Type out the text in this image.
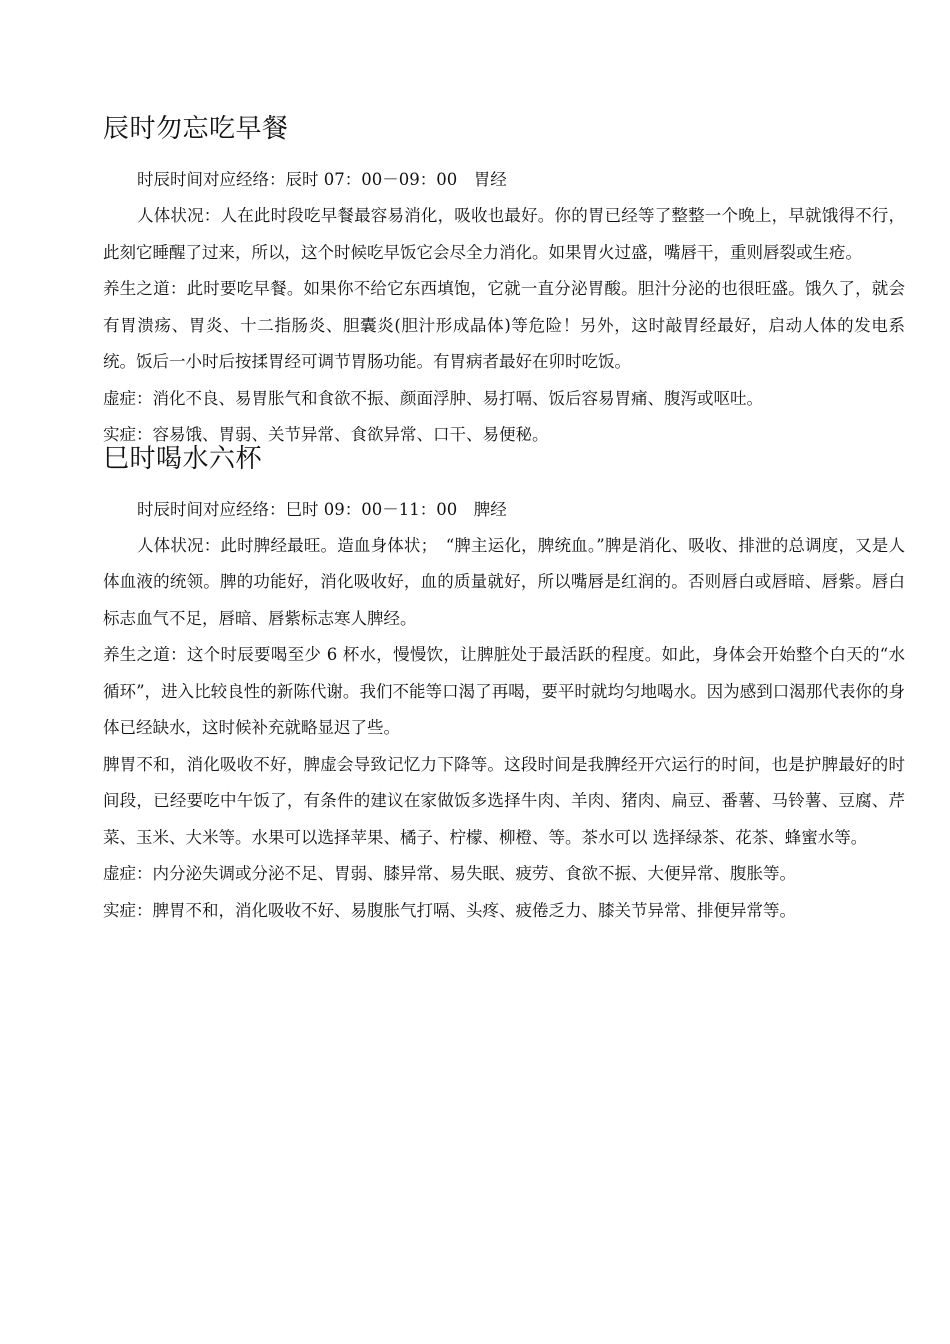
辰时勿忘吃早餐

时辰时间对应经络：辰时 07：00－09：00　胃经

人体状况：人在此时段吃早餐最容易消化，吸收也最好。你的胃已经等了整整一个晚上，早就饿得不行，此刻它睡醒了过来，所以，这个时候吃早饭它会尽全力消化。如果胃火过盛，嘴唇干，重则唇裂或生疮。

养生之道：此时要吃早餐。如果你不给它东西填饱，它就一直分泌胃酸。胆汁分泌的也很旺盛。饿久了，就会有胃溃疡、胃炎、十二指肠炎、胆囊炎(胆汁形成晶体)等危险！另外，这时敲胃经最好，启动人体的发电系统。饭后一小时后按揉胃经可调节胃肠功能。有胃病者最好在卯时吃饭。

虚症：消化不良、易胃胀气和食欲不振、颜面浮肿、易打嗝、饭后容易胃痛、腹泻或呕吐。

实症：容易饿、胃弱、关节异常、食欲异常、口干、易便秘。

巳时喝水六杯

时辰时间对应经络：巳时 09：00－11：00　脾经

人体状况：此时脾经最旺。造血身体状；　“脾主运化，脾统血。”脾是消化、吸收、排泄的总调度，又是人体血液的统领。脾的功能好，消化吸收好，血的质量就好，所以嘴唇是红润的。否则唇白或唇暗、唇紫。唇白标志血气不足，唇暗、唇紫标志寒人脾经。

养生之道：这个时辰要喝至少 6 杯水，慢慢饮，让脾脏处于最活跃的程度。如此，身体会开始整个白天的“水循环”，进入比较良性的新陈代谢。我们不能等口渴了再喝，要平时就均匀地喝水。因为感到口渴那代表你的身体已经缺水，这时候补充就略显迟了些。

脾胃不和，消化吸收不好，脾虚会导致记忆力下降等。这段时间是我脾经开穴运行的时间，也是护脾最好的时间段，已经要吃中午饭了，有条件的建议在家做饭多选择牛肉、羊肉、猪肉、扁豆、番薯、马铃薯、豆腐、芹菜、玉米、大米等。水果可以选择苹果、橘子、柠檬、柳橙、等。茶水可以 选择绿茶、花茶、蜂蜜水等。

虚症：内分泌失调或分泌不足、胃弱、膝异常、易失眠、疲劳、食欲不振、大便异常、腹胀等。

实症：脾胃不和，消化吸收不好、易腹胀气打嗝、头疼、疲倦乏力、膝关节异常、排便异常等。
